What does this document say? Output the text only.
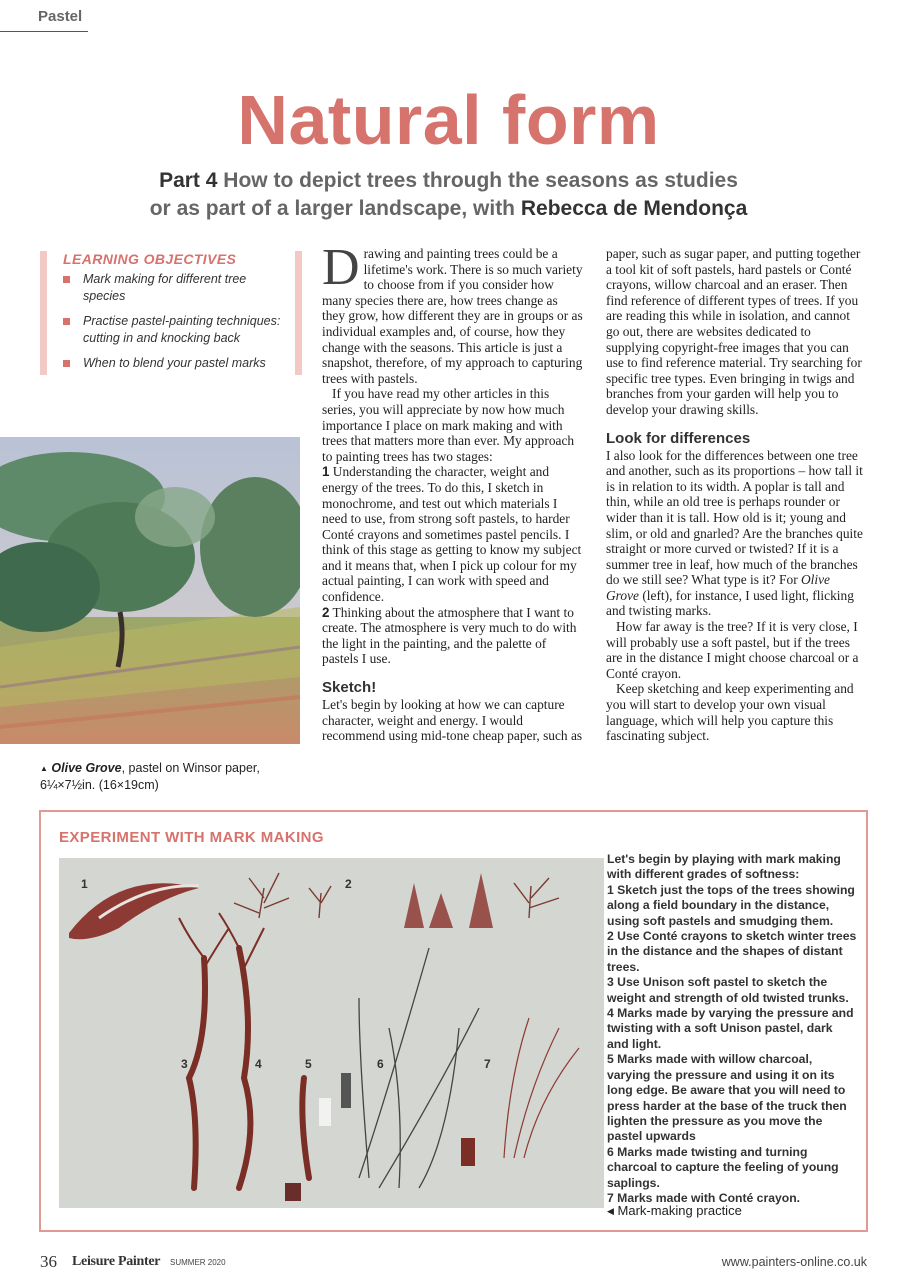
Pastel
Natural form
Part 4 How to depict trees through the seasons as studies
or as part of a larger landscape, with Rebecca de Mendonça
LEARNING OBJECTIVES
Mark making for different tree species
Practise pastel-painting techniques: cutting in and knocking back
When to blend your pastel marks
▲ Olive Grove, pastel on Winsor paper, 6¼×7½in. (16×19cm)

Drawing and painting trees could be a lifetime's work. There is so much variety to choose from if you consider how many species there are, how trees change as they grow, how different they are in groups or as individual examples and, of course, how they change with the seasons. This article is just a snapshot, therefore, of my approach to capturing trees with pastels.

If you have read my other articles in this series, you will appreciate by now how much importance I place on mark making and with trees that matters more than ever. My approach to painting trees has two stages:

1 Understanding the character, weight and energy of the trees. To do this, I sketch in monochrome, and test out which materials I need to use, from strong soft pastels, to harder Conté crayons and sometimes pastel pencils. I think of this stage as getting to know my subject and it means that, when I pick up colour for my actual painting, I can work with speed and confidence.

2 Thinking about the atmosphere that I want to create. The atmosphere is very much to do with the light in the painting, and the palette of pastels I use.

Sketch!

Let's begin by looking at how we can capture character, weight and energy. I would recommend using mid-tone cheap paper, such as

paper, such as sugar paper, and putting together a tool kit of soft pastels, hard pastels or Conté crayons, willow charcoal and an eraser. Then find reference of different types of trees. If you are reading this while in isolation, and cannot go out, there are websites dedicated to supplying copyright-free images that you can use to find reference material. Try searching for specific tree types. Even bringing in twigs and branches from your garden will help you to develop your drawing skills.

Look for differences

I also look for the differences between one tree and another, such as its proportions – how tall it is in relation to its width. A poplar is tall and thin, while an old tree is perhaps rounder or wider than it is tall. How old is it; young and slim, or old and gnarled? Are the branches quite straight or more curved or twisted? If it is a summer tree in leaf, how much of the branches do we still see? What type is it? For Olive Grove (left), for instance, I used light, flicking and twisting marks.

How far away is the tree? If it is very close, I will probably use a soft pastel, but if the trees are in the distance I might choose charcoal or a Conté crayon.

Keep sketching and keep experimenting and you will start to develop your own visual language, which will help you capture this fascinating subject.

EXPERIMENT WITH MARK MAKING
1	2
3	4	5	6	7

Let's begin by playing with mark making with different grades of softness:

1 Sketch just the tops of the trees showing along a field boundary in the distance, using soft pastels and smudging them.

2 Use Conté crayons to sketch winter trees in the distance and the shapes of distant trees.

3 Use Unison soft pastel to sketch the weight and strength of old twisted trunks.

4 Marks made by varying the pressure and twisting with a soft Unison pastel, dark and light.

5 Marks made with willow charcoal, varying the pressure and using it on its long edge. Be aware that you will need to press harder at the base of the truck then lighten the pressure as you move the pastel upwards

6 Marks made twisting and turning charcoal to capture the feeling of young saplings.

7 Marks made with Conté crayon.

◀ Mark-making practice
36 Leisure Painter SUMMER 2020	www.painters-online.co.uk
